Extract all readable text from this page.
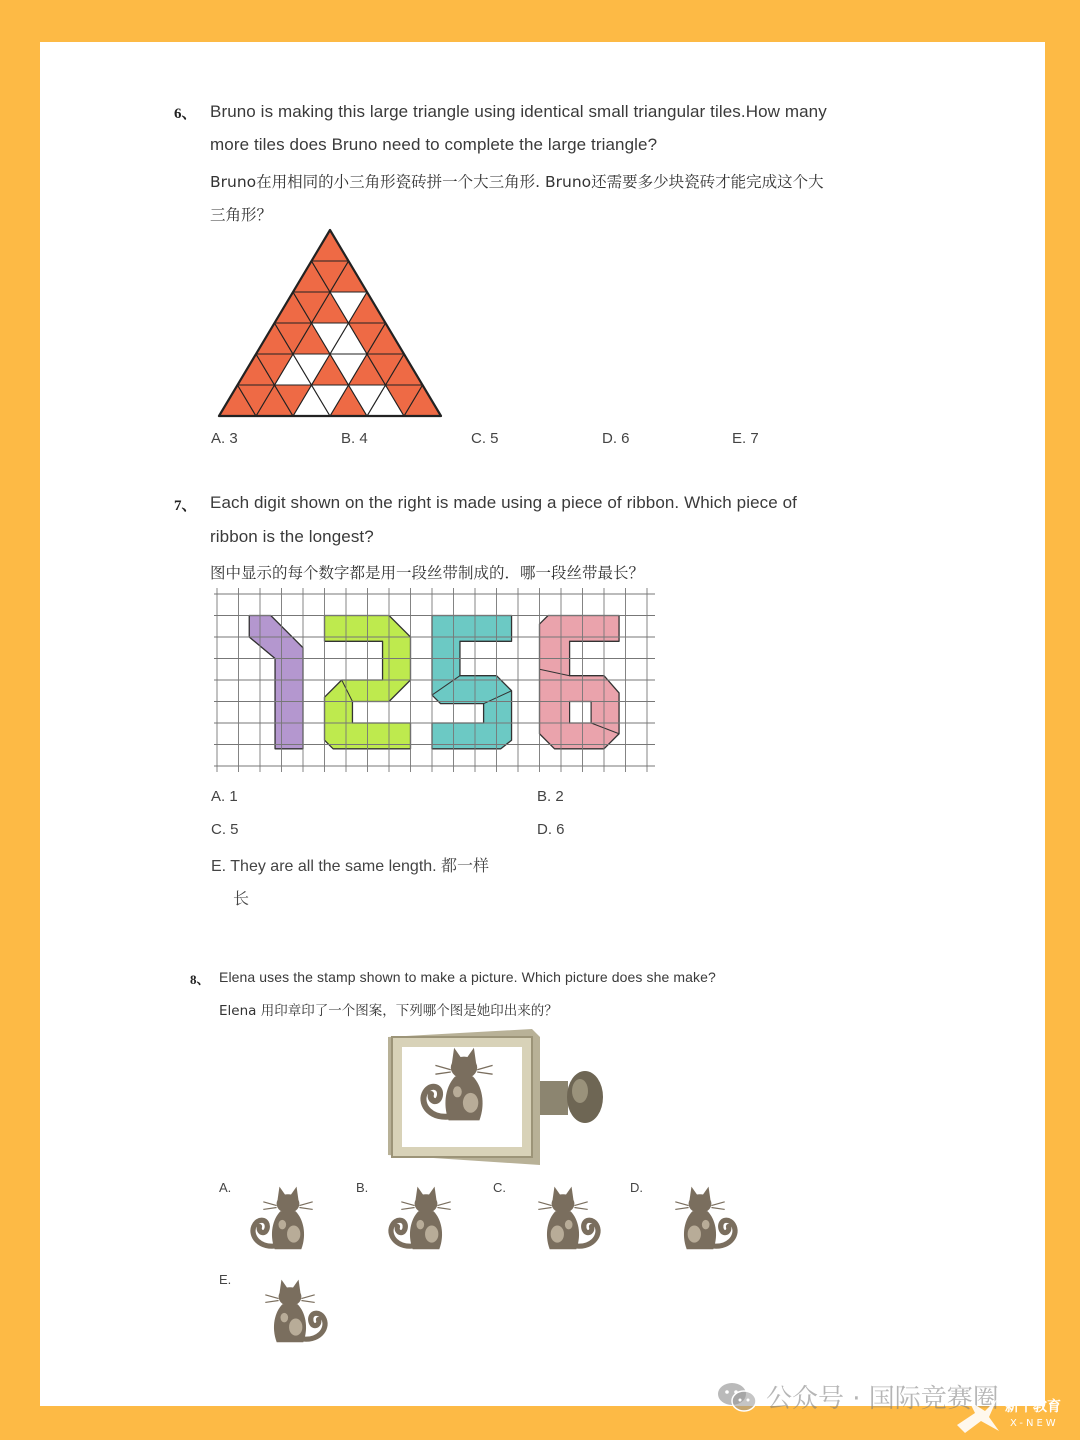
6、 Bruno is making this large triangle using identical small triangular tiles.How many
more tiles does Bruno need to complete the large triangle?
Bruno在用相同的小三角形瓷砖拼一个大三角形. Bruno还需要多少块瓷砖才能完成这个大
三角形？
A. 3	B. 4	C. 5	D. 6	E. 7
7、 Each digit shown on the right is made using a piece of ribbon. Which piece of
ribbon is the longest?
图中显示的每个数字都是用一段丝带制成的．哪一段丝带最长？
A. 1	B. 2
C. 5	D. 6
E. They are all the same length. 都一样
长
8、 Elena uses the stamp shown to make a picture. Which picture does she make?
Elena 用印章印了一个图案，下列哪个图是她印出来的？
A.	B.	C.	D.
E.
公众号 · 国际竞赛圈 新干教育
X-NEW
